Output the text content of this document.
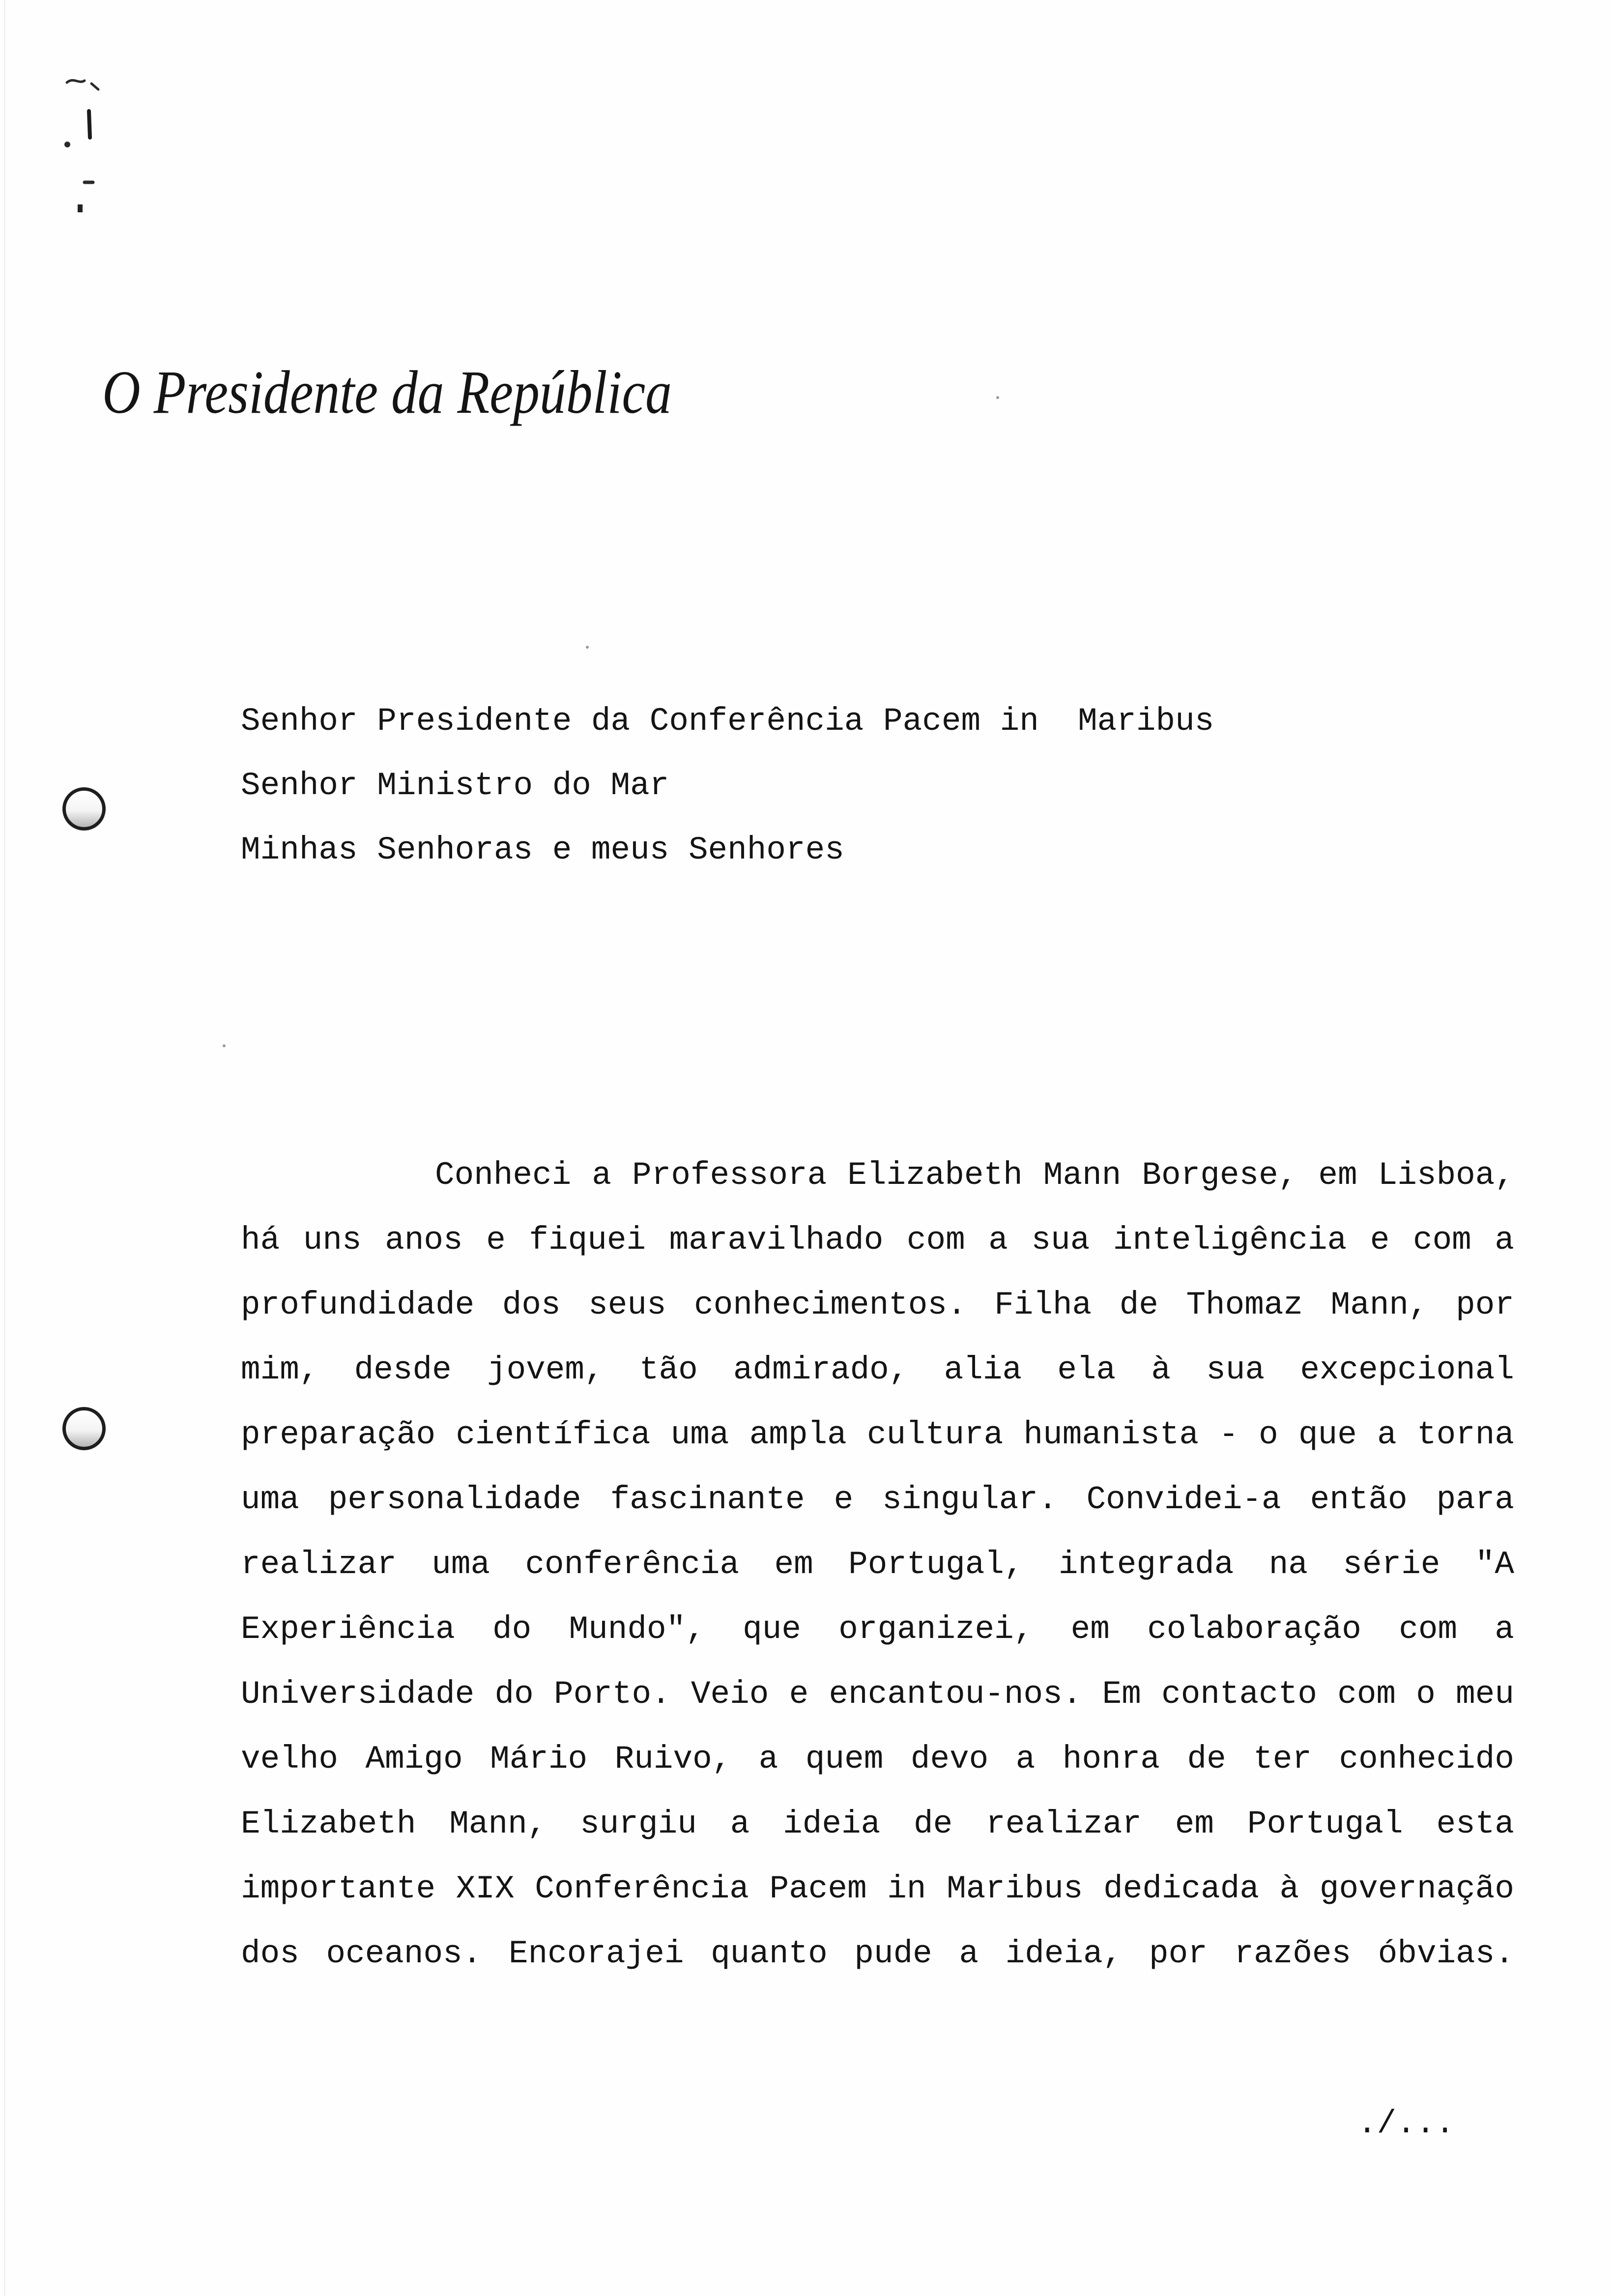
O Presidente da República
Senhor Presidente da Conferência Pacem in  Maribus
Senhor Ministro do Mar
Minhas Senhoras e meus Senhores
Conheci a Professora Elizabeth Mann Borgese, em Lisboa,
há uns anos e fiquei maravilhado com a sua inteligência e com a
profundidade dos seus conhecimentos. Filha de Thomaz Mann, por
mim, desde jovem, tão admirado, alia ela à sua excepcional
preparação científica uma ampla cultura humanista - o que a torna
uma personalidade fascinante e singular. Convidei-a então para
realizar uma conferência em Portugal, integrada na série "A
Experiência do Mundo", que organizei, em colaboração com a
Universidade do Porto. Veio e encantou-nos. Em contacto com o meu
velho Amigo Mário Ruivo, a quem devo a honra de ter conhecido
Elizabeth Mann, surgiu a ideia de realizar em Portugal esta
importante XIX Conferência Pacem in Maribus dedicada à governação
dos oceanos. Encorajei quanto pude a ideia, por razões óbvias.
./...
